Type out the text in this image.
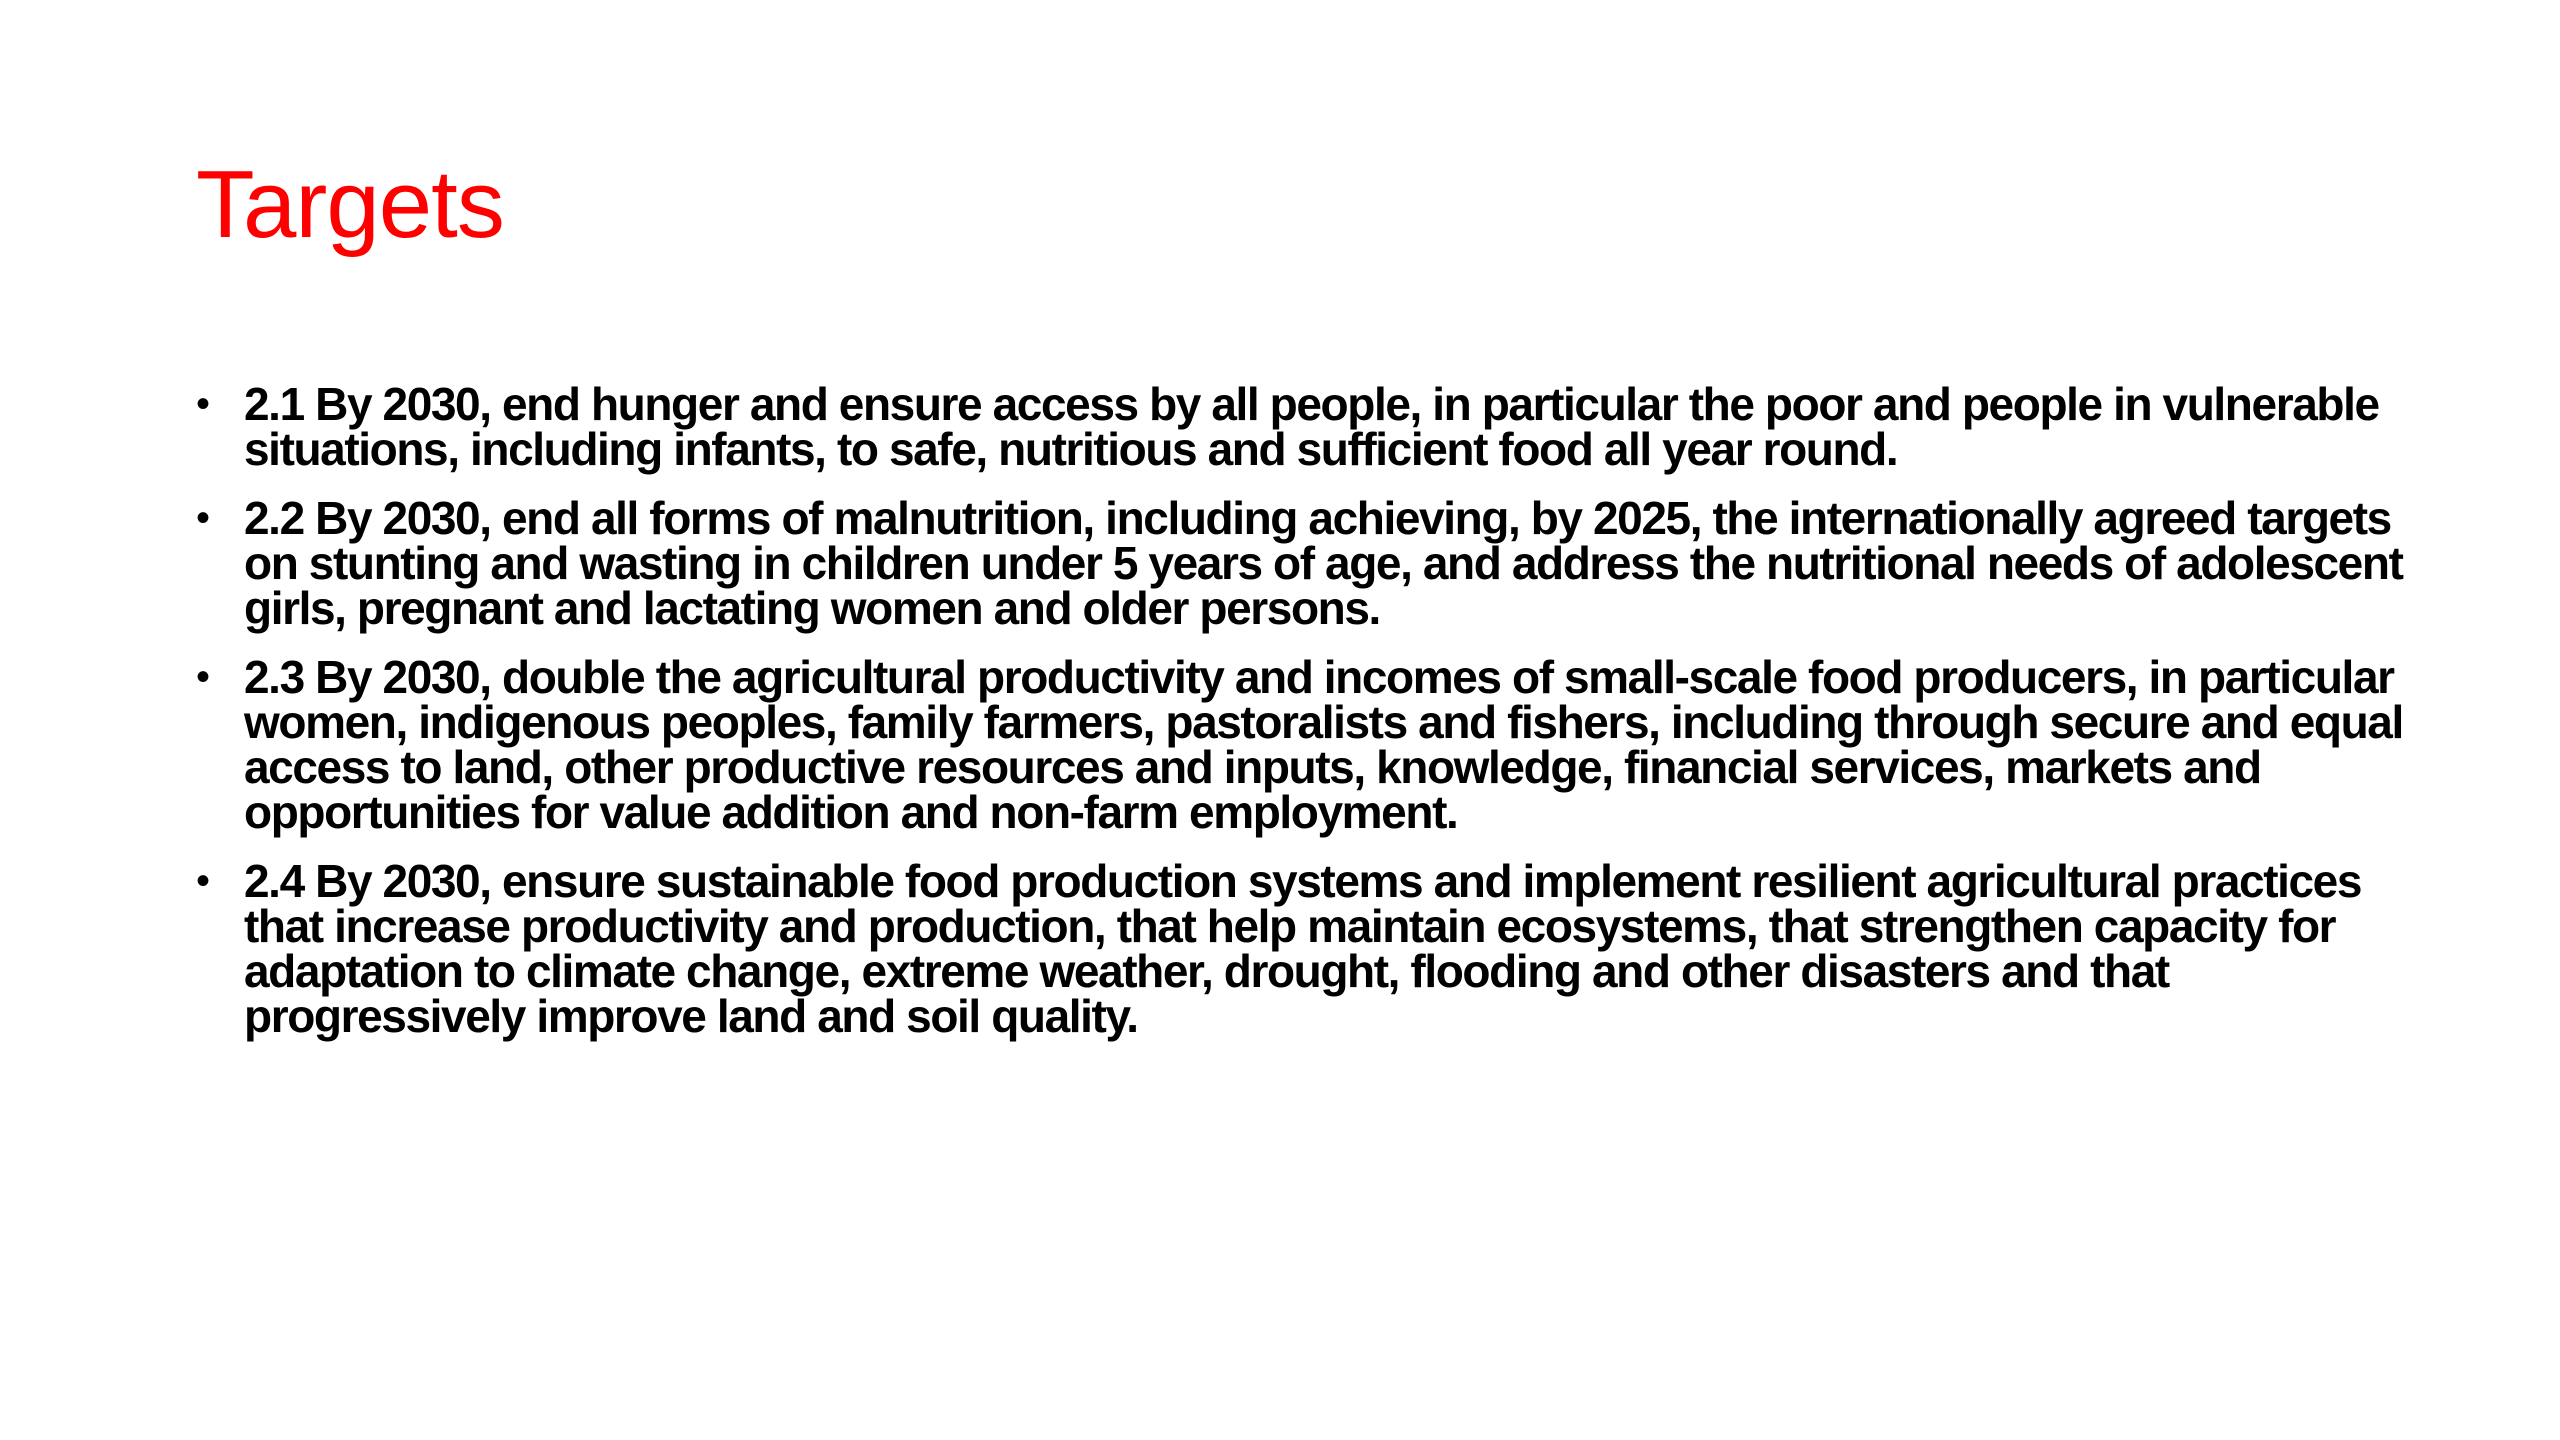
Targets
• 2.1 By 2030, end hunger and ensure access by all people, in particular the poor and people in vulnerable situations, including infants, to safe, nutritious and sufficient food all year round.
• 2.2 By 2030, end all forms of malnutrition, including achieving, by 2025, the internationally agreed targets on stunting and wasting in children under 5 years of age, and address the nutritional needs of adolescent girls, pregnant and lactating women and older persons.
• 2.3 By 2030, double the agricultural productivity and incomes of small-scale food producers, in particular women, indigenous peoples, family farmers, pastoralists and fishers, including through secure and equal access to land, other productive resources and inputs, knowledge, financial services, markets and opportunities for value addition and non-farm employment.
• 2.4 By 2030, ensure sustainable food production systems and implement resilient agricultural practices that increase productivity and production, that help maintain ecosystems, that strengthen capacity for adaptation to climate change, extreme weather, drought, flooding and other disasters and that progressively improve land and soil quality.
